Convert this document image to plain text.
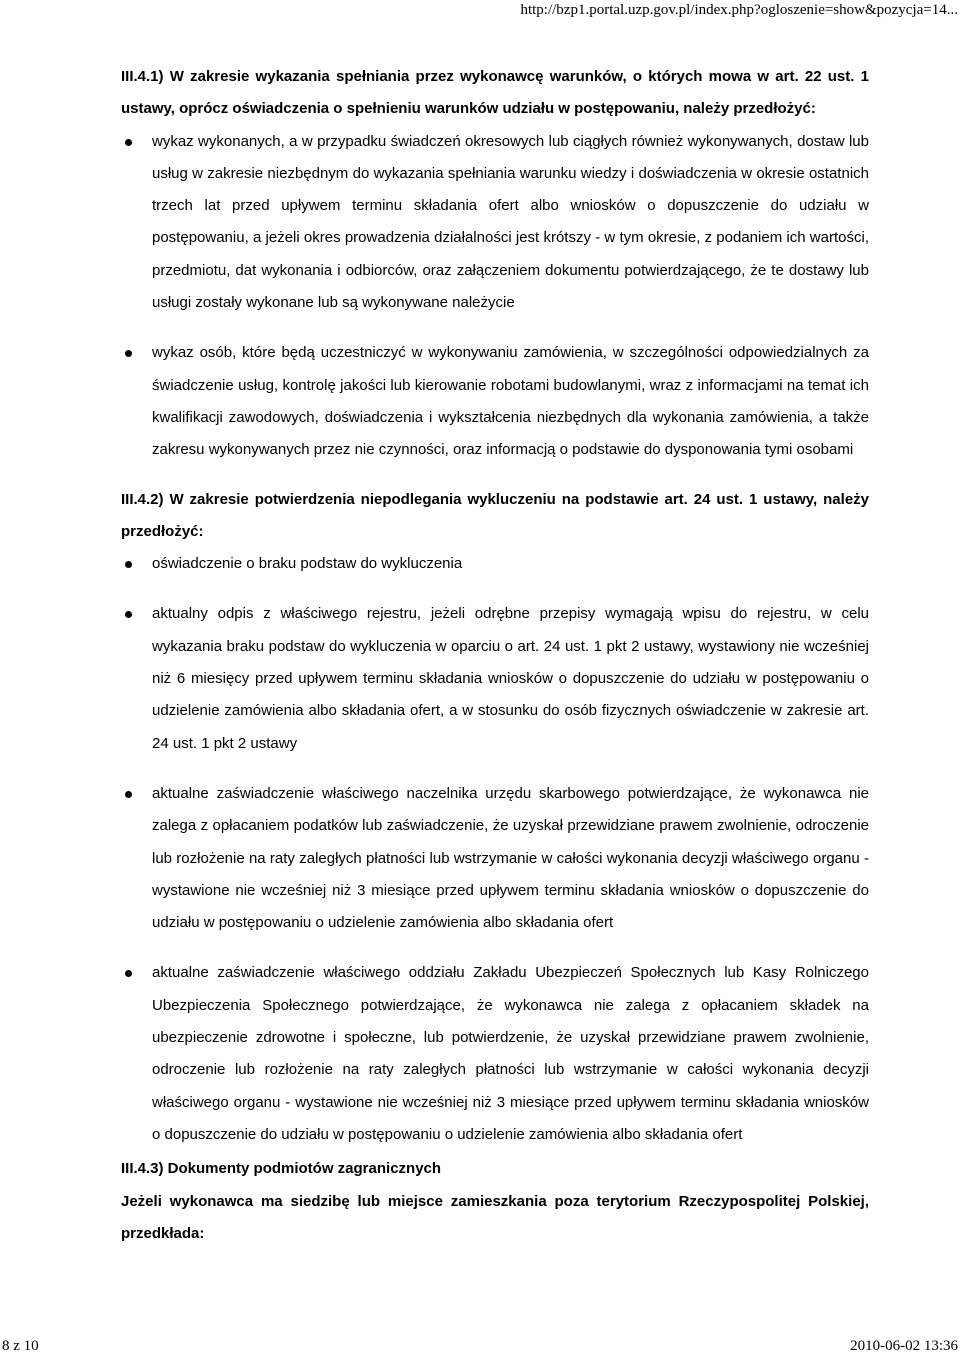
http://bzp1.portal.uzp.gov.pl/index.php?ogloszenie=show&pozycja=14...

III.4.1) W zakresie wykazania spełniania przez wykonawcę warunków, o których mowa w art. 22 ust. 1 ustawy, oprócz oświadczenia o spełnieniu warunków udziału w postępowaniu, należy przedłożyć:

wykaz wykonanych, a w przypadku świadczeń okresowych lub ciągłych również wykonywanych, dostaw lub usług w zakresie niezbędnym do wykazania spełniania warunku wiedzy i doświadczenia w okresie ostatnich trzech lat przed upływem terminu składania ofert albo wniosków o dopuszczenie do udziału w postępowaniu, a jeżeli okres prowadzenia działalności jest krótszy - w tym okresie, z podaniem ich wartości, przedmiotu, dat wykonania i odbiorców, oraz załączeniem dokumentu potwierdzającego, że te dostawy lub usługi zostały wykonane lub są wykonywane należycie
wykaz osób, które będą uczestniczyć w wykonywaniu zamówienia, w szczególności odpowiedzialnych za świadczenie usług, kontrolę jakości lub kierowanie robotami budowlanymi, wraz z informacjami na temat ich kwalifikacji zawodowych, doświadczenia i wykształcenia niezbędnych dla wykonania zamówienia, a także zakresu wykonywanych przez nie czynności, oraz informacją o podstawie do dysponowania tymi osobami

III.4.2) W zakresie potwierdzenia niepodlegania wykluczeniu na podstawie art. 24 ust. 1 ustawy, należy przedłożyć:

oświadczenie o braku podstaw do wykluczenia
aktualny odpis z właściwego rejestru, jeżeli odrębne przepisy wymagają wpisu do rejestru, w celu wykazania braku podstaw do wykluczenia w oparciu o art. 24 ust. 1 pkt 2 ustawy, wystawiony nie wcześniej niż 6 miesięcy przed upływem terminu składania wniosków o dopuszczenie do udziału w postępowaniu o udzielenie zamówienia albo składania ofert, a w stosunku do osób fizycznych oświadczenie w zakresie art. 24 ust. 1 pkt 2 ustawy
aktualne zaświadczenie właściwego naczelnika urzędu skarbowego potwierdzające, że wykonawca nie zalega z opłacaniem podatków lub zaświadczenie, że uzyskał przewidziane prawem zwolnienie, odroczenie lub rozłożenie na raty zaległych płatności lub wstrzymanie w całości wykonania decyzji właściwego organu - wystawione nie wcześniej niż 3 miesiące przed upływem terminu składania wniosków o dopuszczenie do udziału w postępowaniu o udzielenie zamówienia albo składania ofert
aktualne zaświadczenie właściwego oddziału Zakładu Ubezpieczeń Społecznych lub Kasy Rolniczego Ubezpieczenia Społecznego potwierdzające, że wykonawca nie zalega z opłacaniem składek na ubezpieczenie zdrowotne i społeczne, lub potwierdzenie, że uzyskał przewidziane prawem zwolnienie, odroczenie lub rozłożenie na raty zaległych płatności lub wstrzymanie w całości wykonania decyzji właściwego organu - wystawione nie wcześniej niż 3 miesiące przed upływem terminu składania wniosków o dopuszczenie do udziału w postępowaniu o udzielenie zamówienia albo składania ofert

III.4.3) Dokumenty podmiotów zagranicznych

Jeżeli wykonawca ma siedzibę lub miejsce zamieszkania poza terytorium Rzeczypospolitej Polskiej, przedkłada:

8 z 10	2010-06-02 13:36
